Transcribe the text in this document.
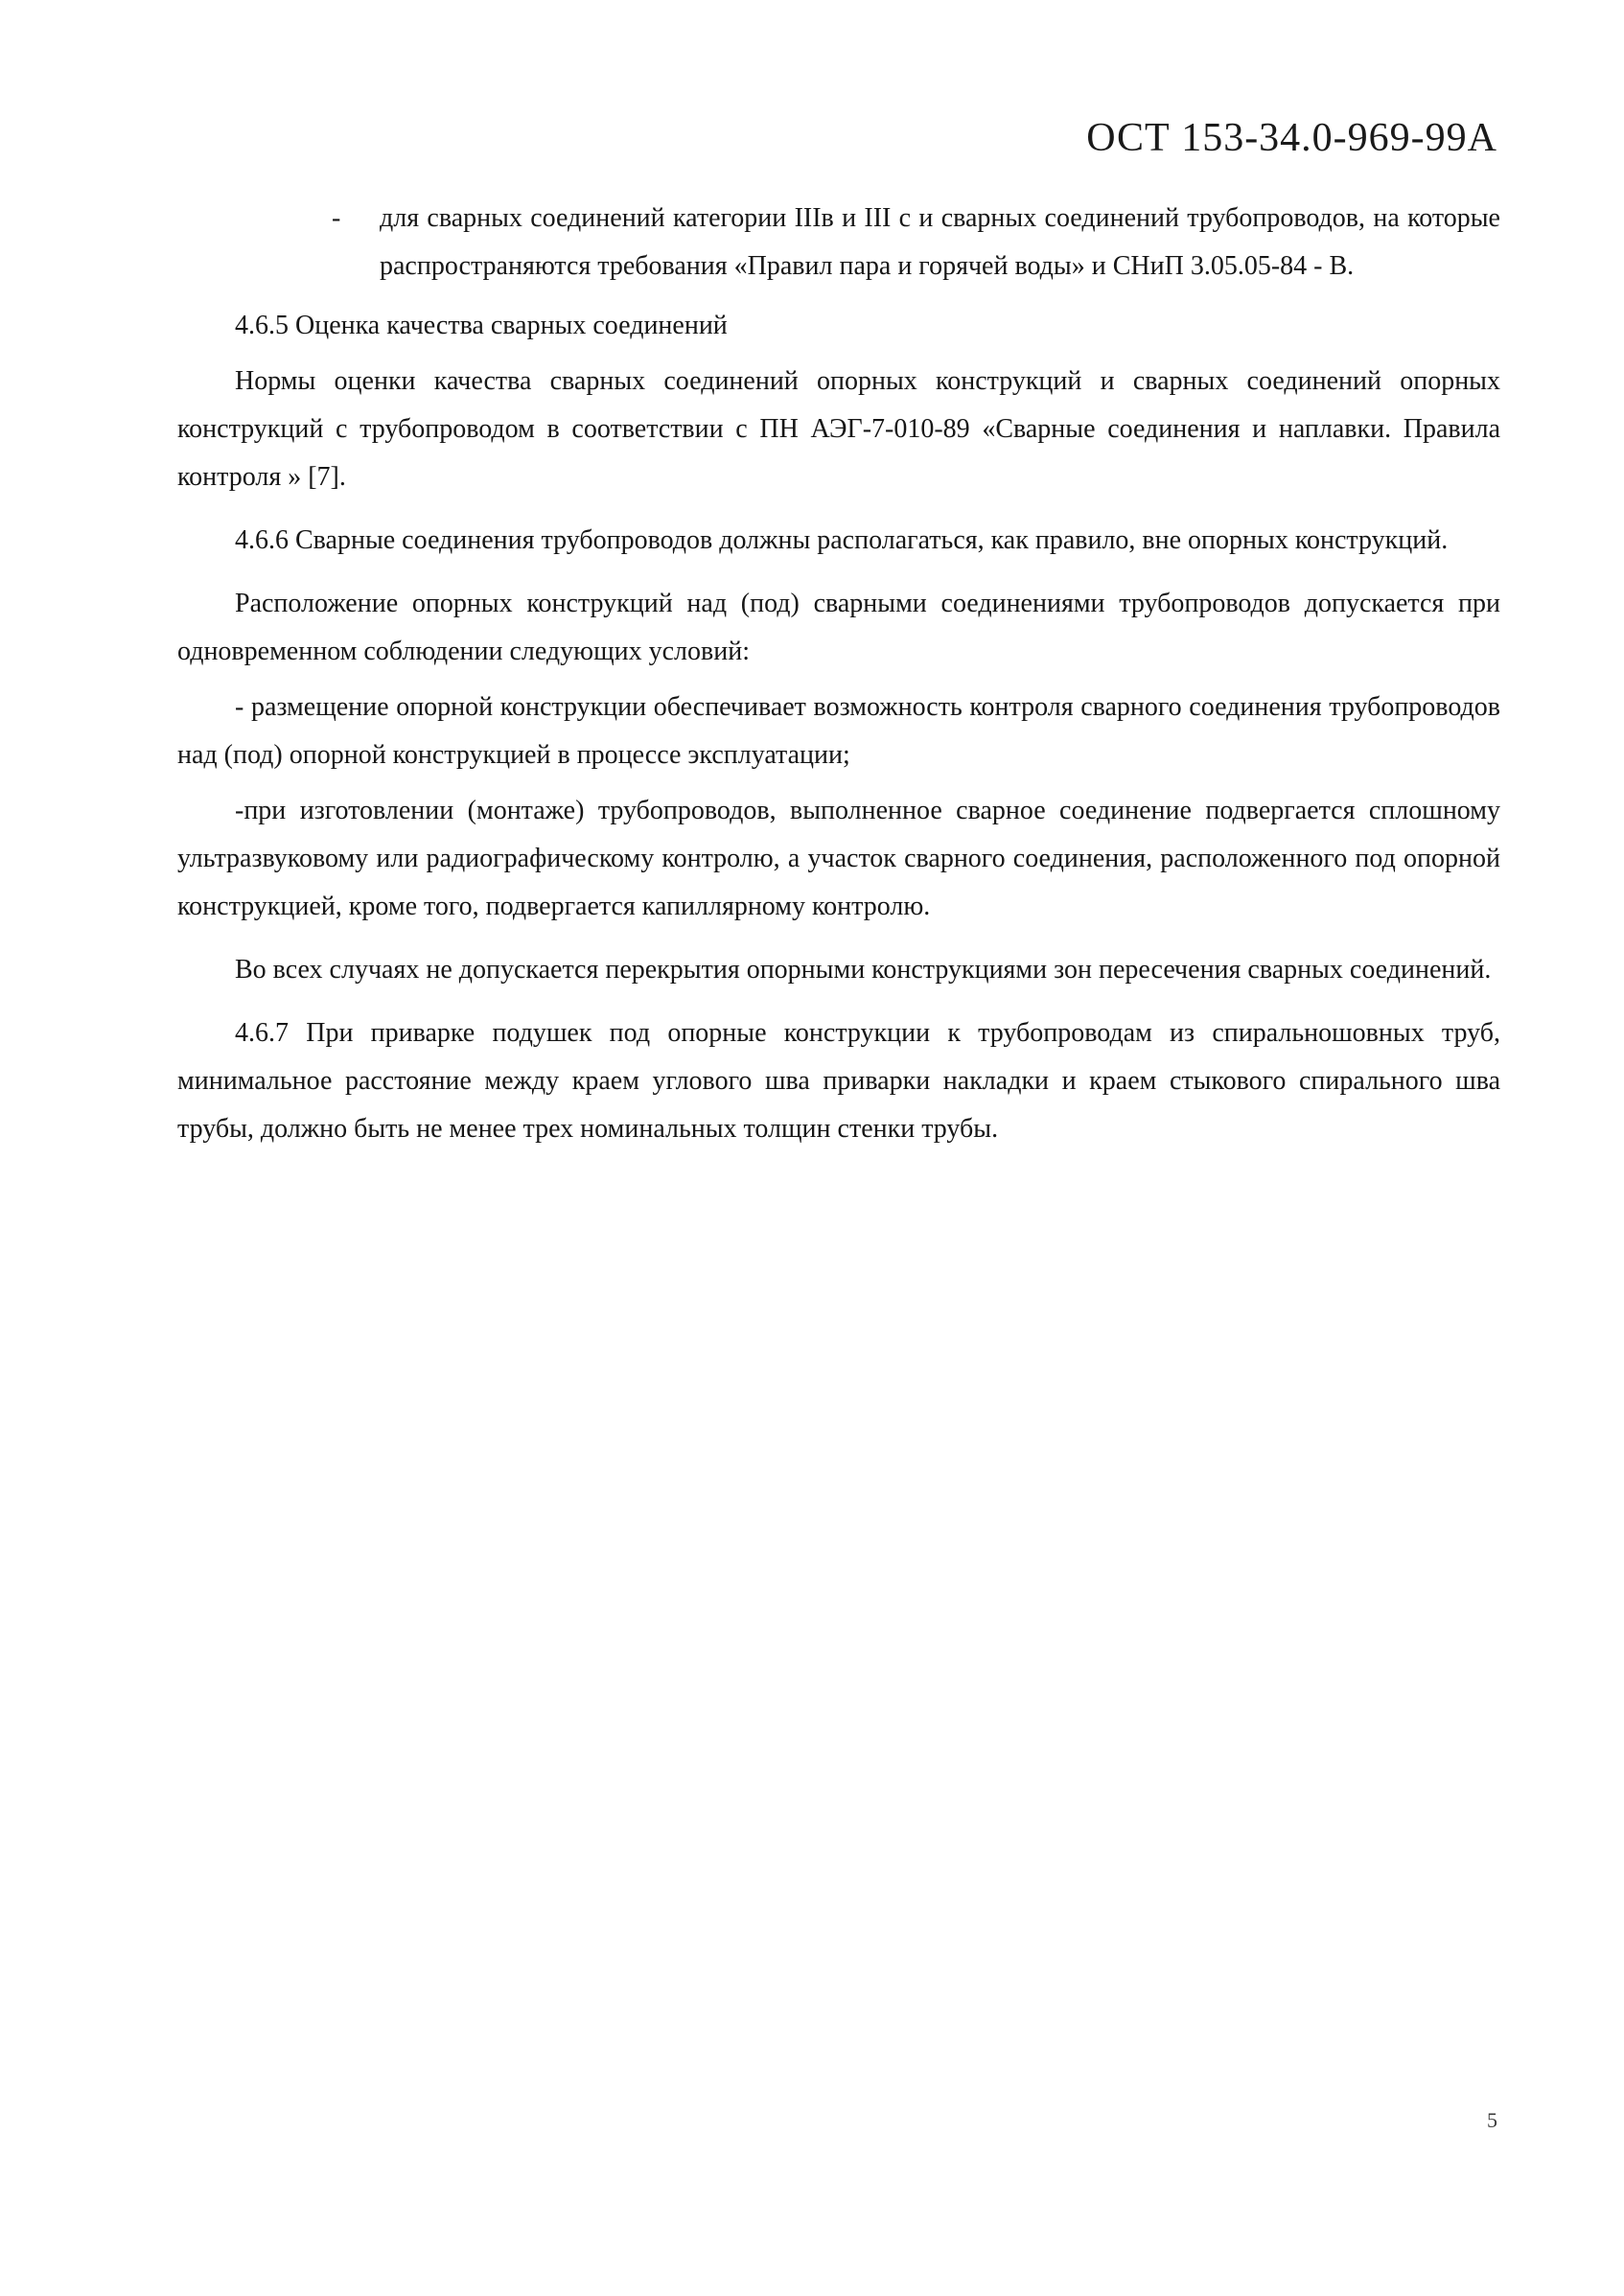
ОСТ 153-34.0-969-99А

- для сварных соединений категории IIIв и III с и сварных соединений трубопроводов, на которые распространяются требования «Правил пара и горячей воды» и СНиП 3.05.05-84 - В.

4.6.5 Оценка качества сварных соединений

Нормы оценки качества сварных соединений опорных конструкций и сварных соединений опорных конструкций с трубопроводом в соответствии с ПН АЭГ-7-010-89 «Сварные соединения и наплавки. Правила контроля » [7].

4.6.6 Сварные соединения трубопроводов должны располагаться, как правило, вне опорных конструкций.

Расположение опорных конструкций над (под) сварными соединениями трубопроводов допускается при одновременном соблюдении следующих условий:

- размещение опорной конструкции обеспечивает возможность контроля сварного соединения трубопроводов над (под) опорной конструкцией в процессе эксплуатации;

-при изготовлении (монтаже) трубопроводов, выполненное сварное соединение подвергается сплошному ультразвуковому или радиографическому контролю, а участок сварного соединения, расположенного под опорной конструкцией, кроме того, подвергается капиллярному контролю.

Во всех случаях не допускается перекрытия опорными конструкциями зон пересечения сварных соединений.

4.6.7 При приварке подушек под опорные конструкции к трубопроводам из спиральношовных труб, минимальное расстояние между краем углового шва приварки накладки и краем стыкового спирального шва трубы, должно быть не менее трех номинальных толщин стенки трубы.

5
